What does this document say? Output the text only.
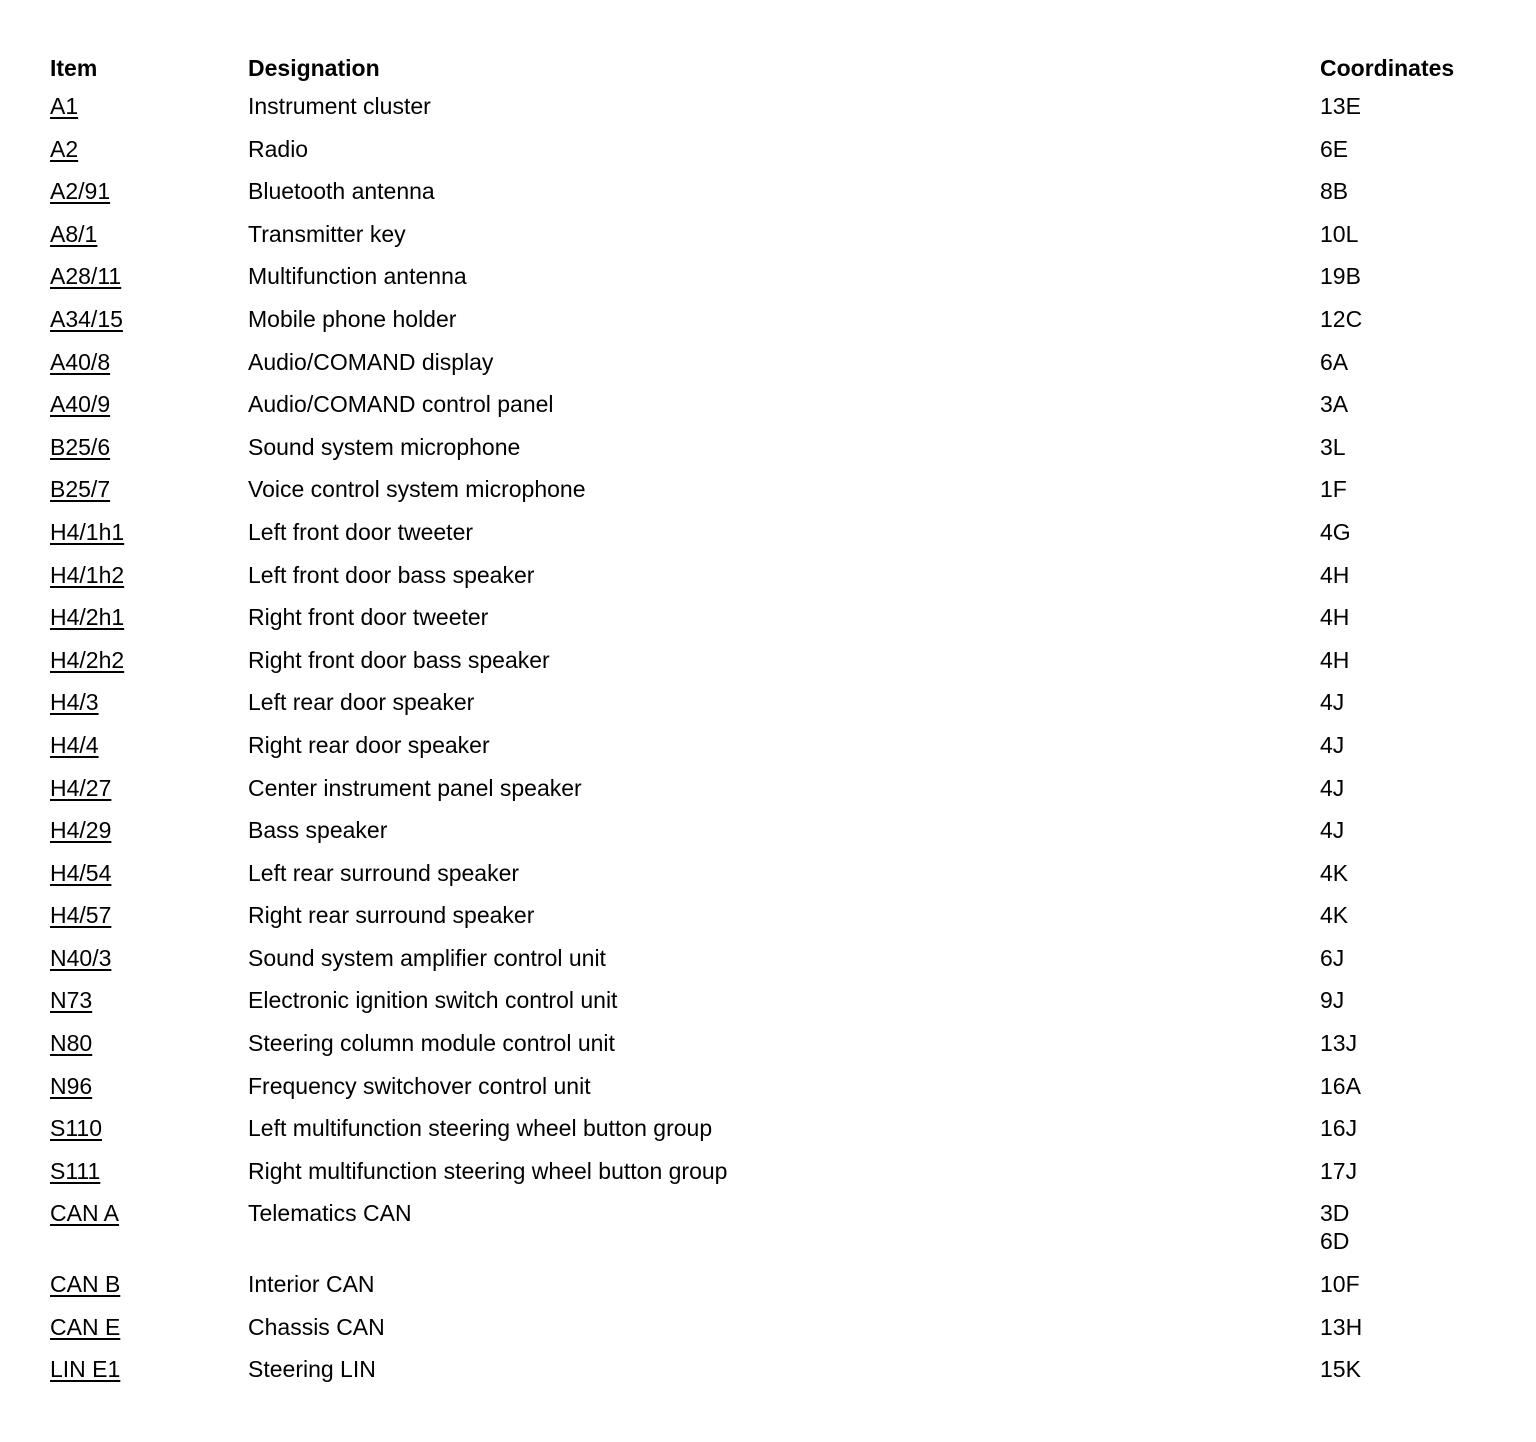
Item	Designation	Coordinates
A1	Instrument cluster	13E
A2	Radio	6E
A2/91	Bluetooth antenna	8B
A8/1	Transmitter key	10L
A28/11	Multifunction antenna	19B
A34/15	Mobile phone holder	12C
A40/8	Audio/COMAND display	6A
A40/9	Audio/COMAND control panel	3A
B25/6	Sound system microphone	3L
B25/7	Voice control system microphone	1F
H4/1h1	Left front door tweeter	4G
H4/1h2	Left front door bass speaker	4H
H4/2h1	Right front door tweeter	4H
H4/2h2	Right front door bass speaker	4H
H4/3	Left rear door speaker	4J
H4/4	Right rear door speaker	4J
H4/27	Center instrument panel speaker	4J
H4/29	Bass speaker	4J
H4/54	Left rear surround speaker	4K
H4/57	Right rear surround speaker	4K
N40/3	Sound system amplifier control unit	6J
N73	Electronic ignition switch control unit	9J
N80	Steering column module control unit	13J
N96	Frequency switchover control unit	16A
S110	Left multifunction steering wheel button group	16J
S111	Right multifunction steering wheel button group	17J
CAN A	Telematics CAN	3D
6D
CAN B	Interior CAN	10F
CAN E	Chassis CAN	13H
LIN E1	Steering LIN	15K
